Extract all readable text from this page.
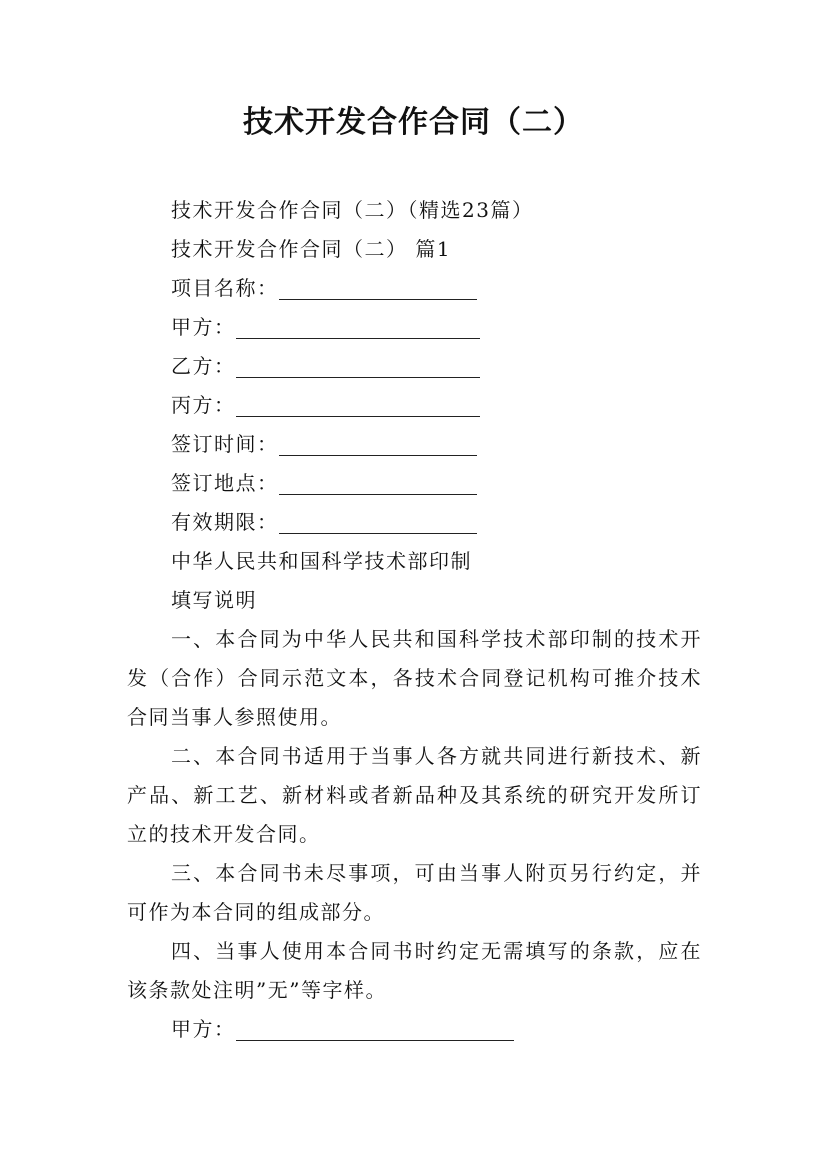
技术开发合作合同（二）

技术开发合作合同（二）（精选23篇）

技术开发合作合同（二） 篇1

项目名称：
甲方：
乙方：
丙方：
签订时间：
签订地点：
有效期限：

中华人民共和国科学技术部印制

填写说明

一、本合同为中华人民共和国科学技术部印制的技术开发（合作）合同示范文本，各技术合同登记机构可推介技术合同当事人参照使用。

二、本合同书适用于当事人各方就共同进行新技术、新产品、新工艺、新材料或者新品种及其系统的研究开发所订立的技术开发合同。

三、本合同书未尽事项，可由当事人附页另行约定，并可作为本合同的组成部分。

四、当事人使用本合同书时约定无需填写的条款，应在该条款处注明”无”等字样。

甲方：
